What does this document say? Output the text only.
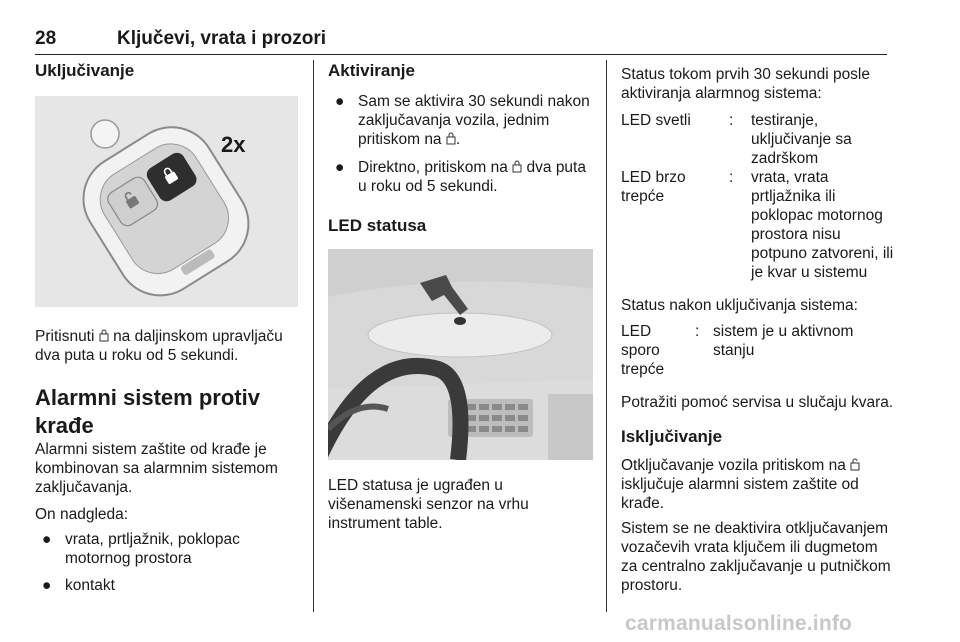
28	Ključevi, vrata i prozori
Uključivanje
2x

Pritisnuti na daljinskom upravljaču dva puta u roku od 5 sekundi.

Alarmni sistem protiv krađe

Alarmni sistem zaštite od krađe je kombinovan sa alarmnim sistemom zaključavanja.

On nadgleda:

● vrata, prtljažnik, poklopac motornog prostora
● kontakt
Aktiviranje
● Sam se aktivira 30 sekundi nakon zaključavanja vozila, jednim pritiskom na .
● Direktno, pritiskom na dva puta u roku od 5 sekundi.
LED statusa

LED statusa je ugrađen u višenamenski senzor na vrhu instrument table.

Status tokom prvih 30 sekundi posle aktiviranja alarmnog sistema:

LED svetli	:	testiranje, uključivanje sa zadrškom
LED brzo trepće
:	vrata, vrata prtljažnika ili poklopac motornog prostora nisu potpuno zatvoreni, ili je kvar u sistemu

Status nakon uključivanja sistema:

LED sporo trepće
: sistem je u aktivnom stanju

Potražiti pomoć servisa u slučaju kvara.

Isključivanje

Otključavanje vozila pritiskom na  isključuje alarmni sistem zaštite od krađe.

Sistem se ne deaktivira otključavanjem vozačevih vrata ključem ili dugmetom za centralno zaključavanje u putničkom prostoru.

carmanualsonline.info
